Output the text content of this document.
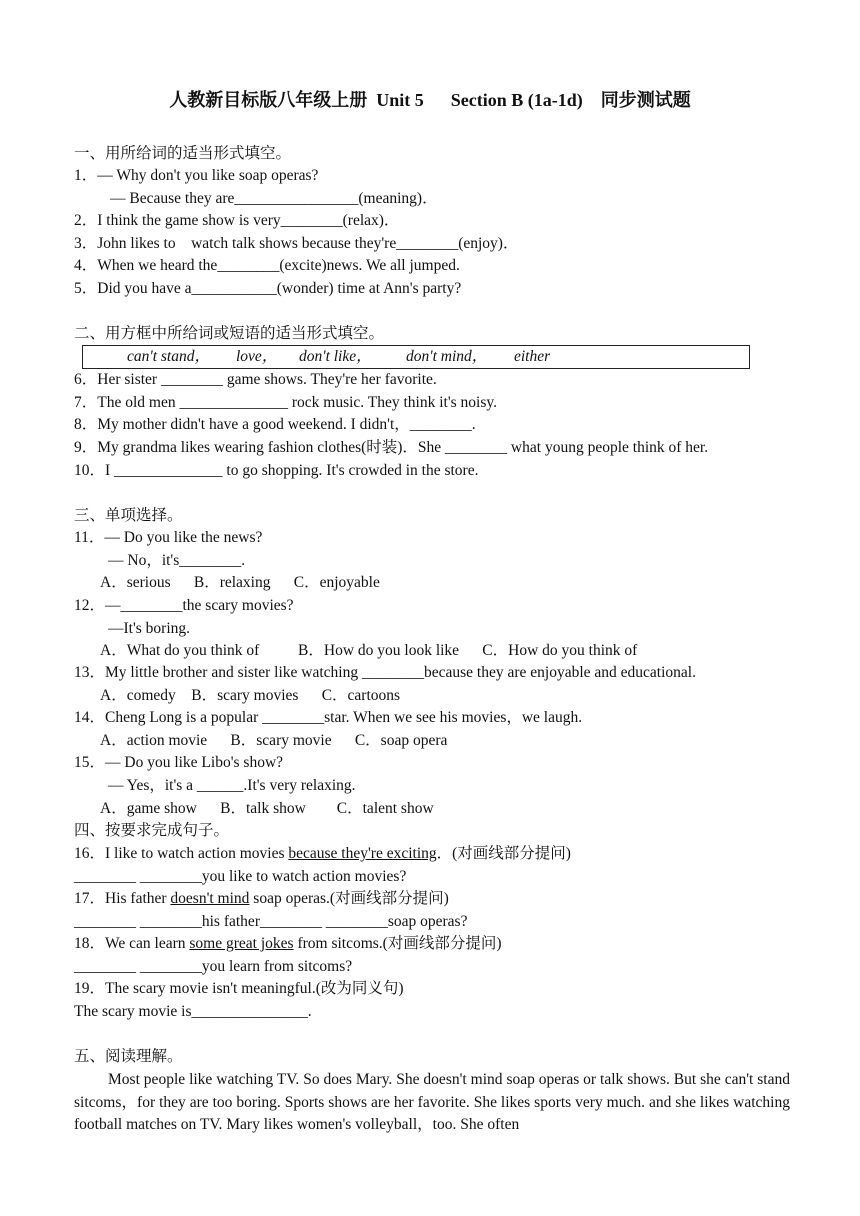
人教新目标版八年级上册  Unit 5      Section B (1a-1d)    同步测试题
一、用所给词的适当形式填空。
1．— Why don't you like soap operas?
— Because they are________________(meaning)．
2．I think the game show is very________(relax)．
3．John likes to    watch talk shows because they're________(enjoy)．
4．When we heard the________(excite)news. We all jumped.
5．Did you have a___________(wonder) time at Ann's party?
二、用方框中所给词或短语的适当形式填空。
can't stand， love， don't like， don't mind， either
6．Her sister ________ game shows. They're her favorite.
7．The old men ______________ rock music. They think it's noisy.
8．My mother didn't have a good weekend. I didn't，________.
9．My grandma likes wearing fashion clothes(时装)．She ________ what young people think of her.
10．I ______________ to go shopping. It's crowded in the store.
三、单项选择。
11．— Do you like the news?
— No，it's________.
A．serious      B．relaxing      C．enjoyable
12．—________the scary movies?
—It's boring.
A．What do you think of          B．How do you look like      C．How do you think of
13．My little brother and sister like watching ________because they are enjoyable and educational.
A．comedy    B．scary movies      C．cartoons
14．Cheng Long is a popular ________star. When we see his movies，we laugh.
A．action movie      B．scary movie      C．soap opera
15．— Do you like Libo's show?
— Yes，it's a ______.It's very relaxing.
A．game show      B．talk show        C．talent show
四、按要求完成句子。
16．I like to watch action movies because they're exciting．(对画线部分提问)
________ ________you like to watch action movies?
17．His father doesn't mind soap operas.(对画线部分提问)
________ ________his father________ ________soap operas?
18．We can learn some great jokes from sitcoms.(对画线部分提问)
________ ________you learn from sitcoms?
19．The scary movie isn't meaningful.(改为同义句)
The scary movie is_______________.
五、阅读理解。
Most people like watching TV. So does Mary. She doesn't mind soap operas or talk shows. But she can't stand sitcoms，for they are too boring. Sports shows are her favorite. She likes sports very much. and she likes watching football matches on TV. Mary likes women's volleyball，too. She often
